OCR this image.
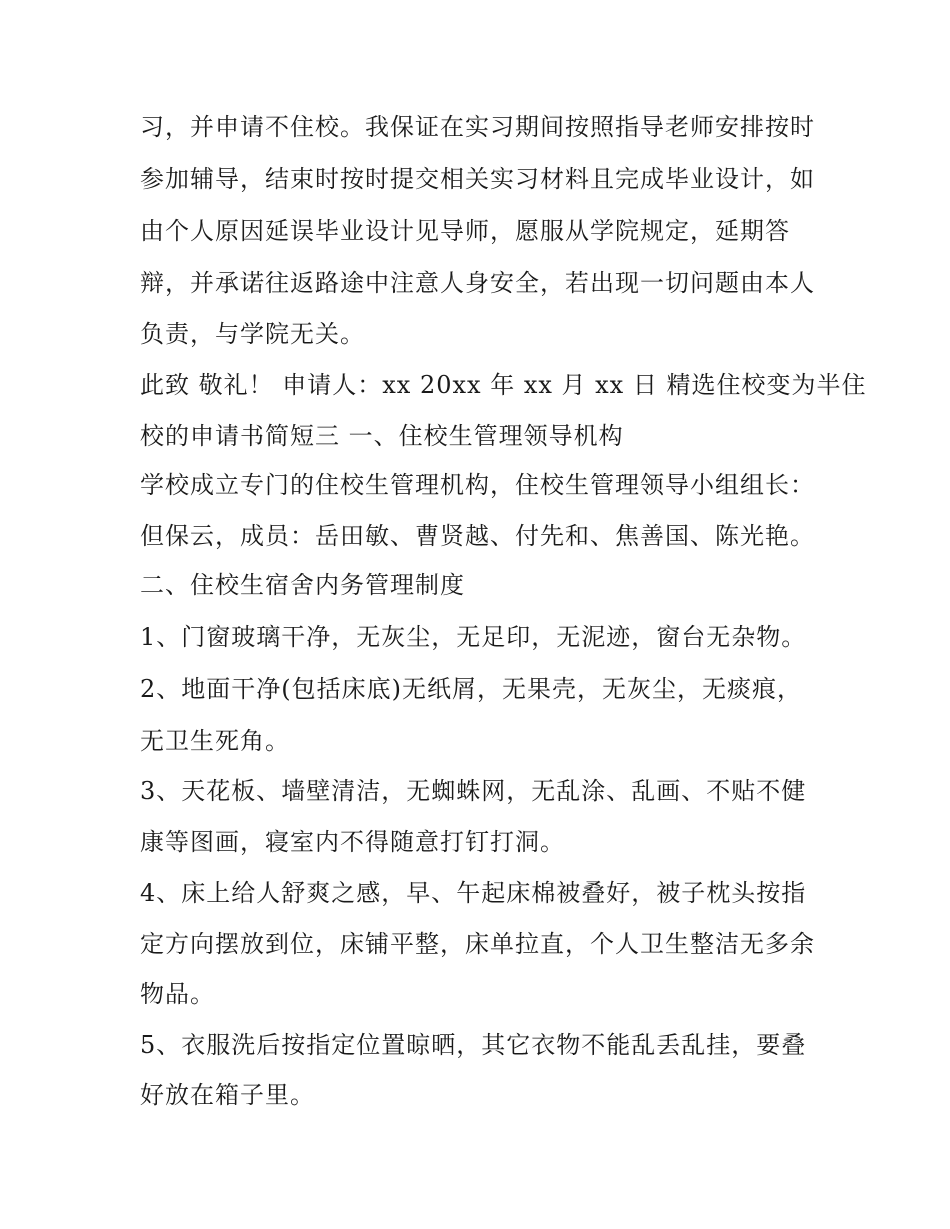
习，并申请不住校。我保证在实习期间按照指导老师安排按时
参加辅导，结束时按时提交相关实习材料且完成毕业设计，如
由个人原因延误毕业设计见导师，愿服从学院规定，延期答
辩，并承诺往返路途中注意人身安全，若出现一切问题由本人
负责，与学院无关。
此致 敬礼！ 申请人：xx 20xx 年 xx 月 xx 日 精选住校变为半住
校的申请书简短三 一、住校生管理领导机构
学校成立专门的住校生管理机构，住校生管理领导小组组长：
但保云，成员：岳田敏、曹贤越、付先和、焦善国、陈光艳。
二、住校生宿舍内务管理制度
1、门窗玻璃干净，无灰尘，无足印，无泥迹，窗台无杂物。
2、地面干净(包括床底)无纸屑，无果壳，无灰尘，无痰痕，
无卫生死角。
3、天花板、墙壁清洁，无蜘蛛网，无乱涂、乱画、不贴不健
康等图画，寝室内不得随意打钉打洞。
4、床上给人舒爽之感，早、午起床棉被叠好，被子枕头按指
定方向摆放到位，床铺平整，床单拉直，个人卫生整洁无多余
物品。
5、衣服洗后按指定位置晾晒，其它衣物不能乱丢乱挂，要叠
好放在箱子里。
